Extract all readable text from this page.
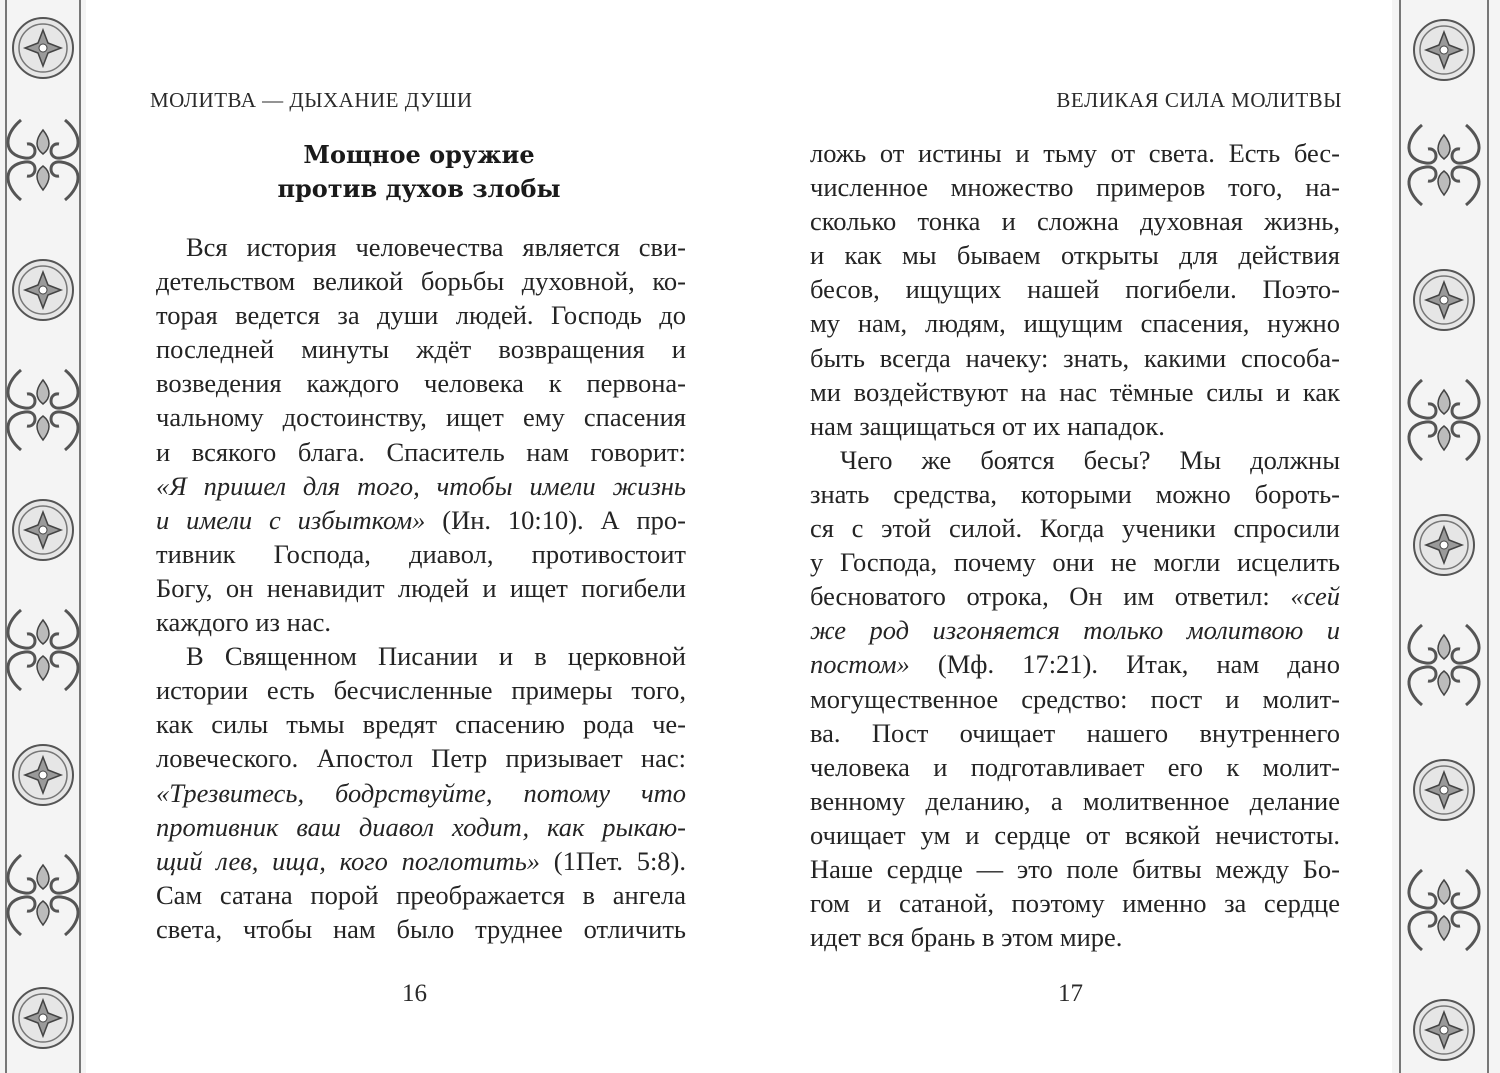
МОЛИТВА — ДЫХАНИЕ ДУШИ
Мощное оружие
против духов злобы
Вся история человечества является сви-
детельством великой борьбы духовной, ко-
торая ведется за души людей. Господь до
последней минуты ждёт возвращения и
возведения каждого человека к первона-
чальному достоинству, ищет ему спасения
и всякого блага. Спаситель нам говорит:
«Я пришел для того, чтобы имели жизнь
и имели с избытком» (Ин. 10:10). А про-
тивник Господа, диавол, противостоит
Богу, он ненавидит людей и ищет погибели
каждого из нас.
В Священном Писании и в церковной
истории есть бесчисленные примеры того,
как силы тьмы вредят спасению рода че-
ловеческого. Апостол Петр призывает нас:
«Трезвитесь, бодрствуйте, потому что
противник ваш диавол ходит, как рыкаю-
щий лев, ища, кого поглотить» (1Пет. 5:8).
Сам сатана порой преображается в ангела
света, чтобы нам было труднее отличить
16
ВЕЛИКАЯ СИЛА МОЛИТВЫ
ложь от истины и тьму от света. Есть бес-
численное множество примеров того, на-
сколько тонка и сложна духовная жизнь,
и как мы бываем открыты для действия
бесов, ищущих нашей погибели. Поэто-
му нам, людям, ищущим спасения, нужно
быть всегда начеку: знать, какими способа-
ми воздействуют на нас тёмные силы и как
нам защищаться от их нападок.
Чего же боятся бесы? Мы должны
знать средства, которыми можно бороть-
ся с этой силой. Когда ученики спросили
у Господа, почему они не могли исцелить
бесноватого отрока, Он им ответил: «сей
же род изгоняется только молитвою и
постом» (Мф. 17:21). Итак, нам дано
могущественное средство: пост и молит-
ва. Пост очищает нашего внутреннего
человека и подготавливает его к молит-
венному деланию, а молитвенное делание
очищает ум и сердце от всякой нечистоты.
Наше сердце — это поле битвы между Бо-
гом и сатаной, поэтому именно за сердце
идет вся брань в этом мире.
17
